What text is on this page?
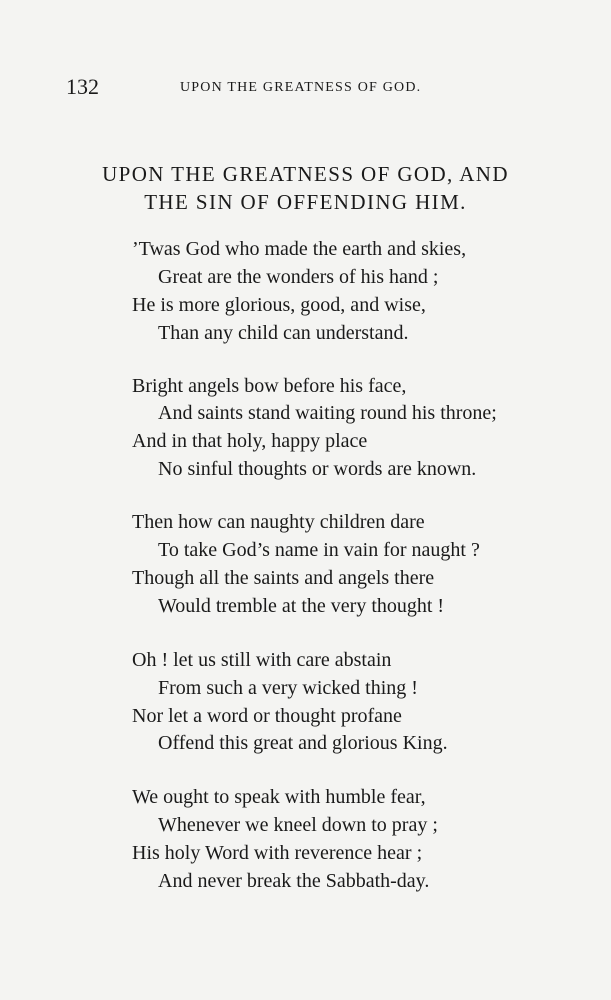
132	UPON THE GREATNESS OF GOD.
UPON THE GREATNESS OF GOD, AND
THE SIN OF OFFENDING HIM.
’Twas God who made the earth and skies,
Great are the wonders of his hand ;
He is more glorious, good, and wise,
Than any child can understand.
Bright angels bow before his face,
And saints stand waiting round his throne;
And in that holy, happy place
No sinful thoughts or words are known.
Then how can naughty children dare
To take God’s name in vain for naught ?
Though all the saints and angels there
Would tremble at the very thought !
Oh ! let us still with care abstain
From such a very wicked thing !
Nor let a word or thought profane
Offend this great and glorious King.
We ought to speak with humble fear,
Whenever we kneel down to pray ;
His holy Word with reverence hear ;
And never break the Sabbath-day.
